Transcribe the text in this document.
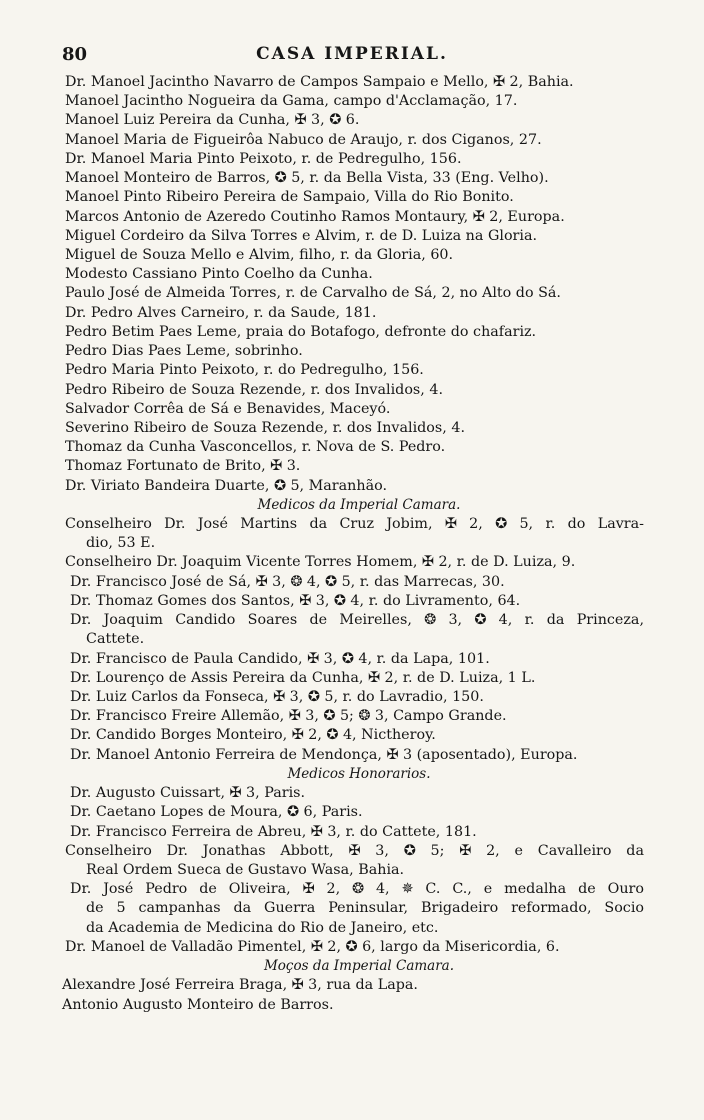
80	CASA IMPERIAL.
Dr. Manoel Jacintho Navarro de Campos Sampaio e Mello, ✠ 2, Bahia.
Manoel Jacintho Nogueira da Gama, campo d'Acclamação, 17.
Manoel Luiz Pereira da Cunha, ✠ 3, ✪ 6.
Manoel Maria de Figueirôa Nabuco de Araujo, r. dos Ciganos, 27.
Dr. Manoel Maria Pinto Peixoto, r. de Pedregulho, 156.
Manoel Monteiro de Barros, ✪ 5, r. da Bella Vista, 33 (Eng. Velho).
Manoel Pinto Ribeiro Pereira de Sampaio, Villa do Rio Bonito.
Marcos Antonio de Azeredo Coutinho Ramos Montaury, ✠ 2, Europa.
Miguel Cordeiro da Silva Torres e Alvim, r. de D. Luiza na Gloria.
Miguel de Souza Mello e Alvim, filho, r. da Gloria, 60.
Modesto Cassiano Pinto Coelho da Cunha.
Paulo José de Almeida Torres, r. de Carvalho de Sá, 2, no Alto do Sá.
Dr. Pedro Alves Carneiro, r. da Saude, 181.
Pedro Betim Paes Leme, praia do Botafogo, defronte do chafariz.
Pedro Dias Paes Leme, sobrinho.
Pedro Maria Pinto Peixoto, r. do Pedregulho, 156.
Pedro Ribeiro de Souza Rezende, r. dos Invalidos, 4.
Salvador Corrêa de Sá e Benavides, Maceyó.
Severino Ribeiro de Souza Rezende, r. dos Invalidos, 4.
Thomaz da Cunha Vasconcellos, r. Nova de S. Pedro.
Thomaz Fortunato de Brito, ✠ 3.
Dr. Viriato Bandeira Duarte, ✪ 5, Maranhão.
Medicos da Imperial Camara.
Conselheiro Dr. José Martins da Cruz Jobim, ✠ 2, ✪ 5, r. do Lavra-
dio, 53 E.
Conselheiro Dr. Joaquim Vicente Torres Homem, ✠ 2, r. de D. Luiza, 9.
Dr. Francisco José de Sá, ✠ 3, ❂ 4, ✪ 5, r. das Marrecas, 30.
Dr. Thomaz Gomes dos Santos, ✠ 3, ✪ 4, r. do Livramento, 64.
Dr. Joaquim Candido Soares de Meirelles, ❂ 3, ✪ 4, r. da Princeza,
Cattete.
Dr. Francisco de Paula Candido, ✠ 3, ✪ 4, r. da Lapa, 101.
Dr. Lourenço de Assis Pereira da Cunha, ✠ 2, r. de D. Luiza, 1 L.
Dr. Luiz Carlos da Fonseca, ✠ 3, ✪ 5, r. do Lavradio, 150.
Dr. Francisco Freire Allemão, ✠ 3, ✪ 5; ❂ 3, Campo Grande.
Dr. Candido Borges Monteiro, ✠ 2, ✪ 4, Nictheroy.
Dr. Manoel Antonio Ferreira de Mendonça, ✠ 3 (aposentado), Europa.
Medicos Honorarios.
Dr. Augusto Cuissart, ✠ 3, Paris.
Dr. Caetano Lopes de Moura, ✪ 6, Paris.
Dr. Francisco Ferreira de Abreu, ✠ 3, r. do Cattete, 181.
Conselheiro Dr. Jonathas Abbott, ✠ 3, ✪ 5; ✠ 2, e Cavalleiro da
Real Ordem Sueca de Gustavo Wasa, Bahia.
Dr. José Pedro de Oliveira, ✠ 2, ❂ 4, ✵ C. C., e medalha de Ouro
de 5 campanhas da Guerra Peninsular, Brigadeiro reformado, Socio
da Academia de Medicina do Rio de Janeiro, etc.
Dr. Manoel de Valladão Pimentel, ✠ 2, ✪ 6, largo da Misericordia, 6.
Moços da Imperial Camara.
Alexandre José Ferreira Braga, ✠ 3, rua da Lapa.
Antonio Augusto Monteiro de Barros.
